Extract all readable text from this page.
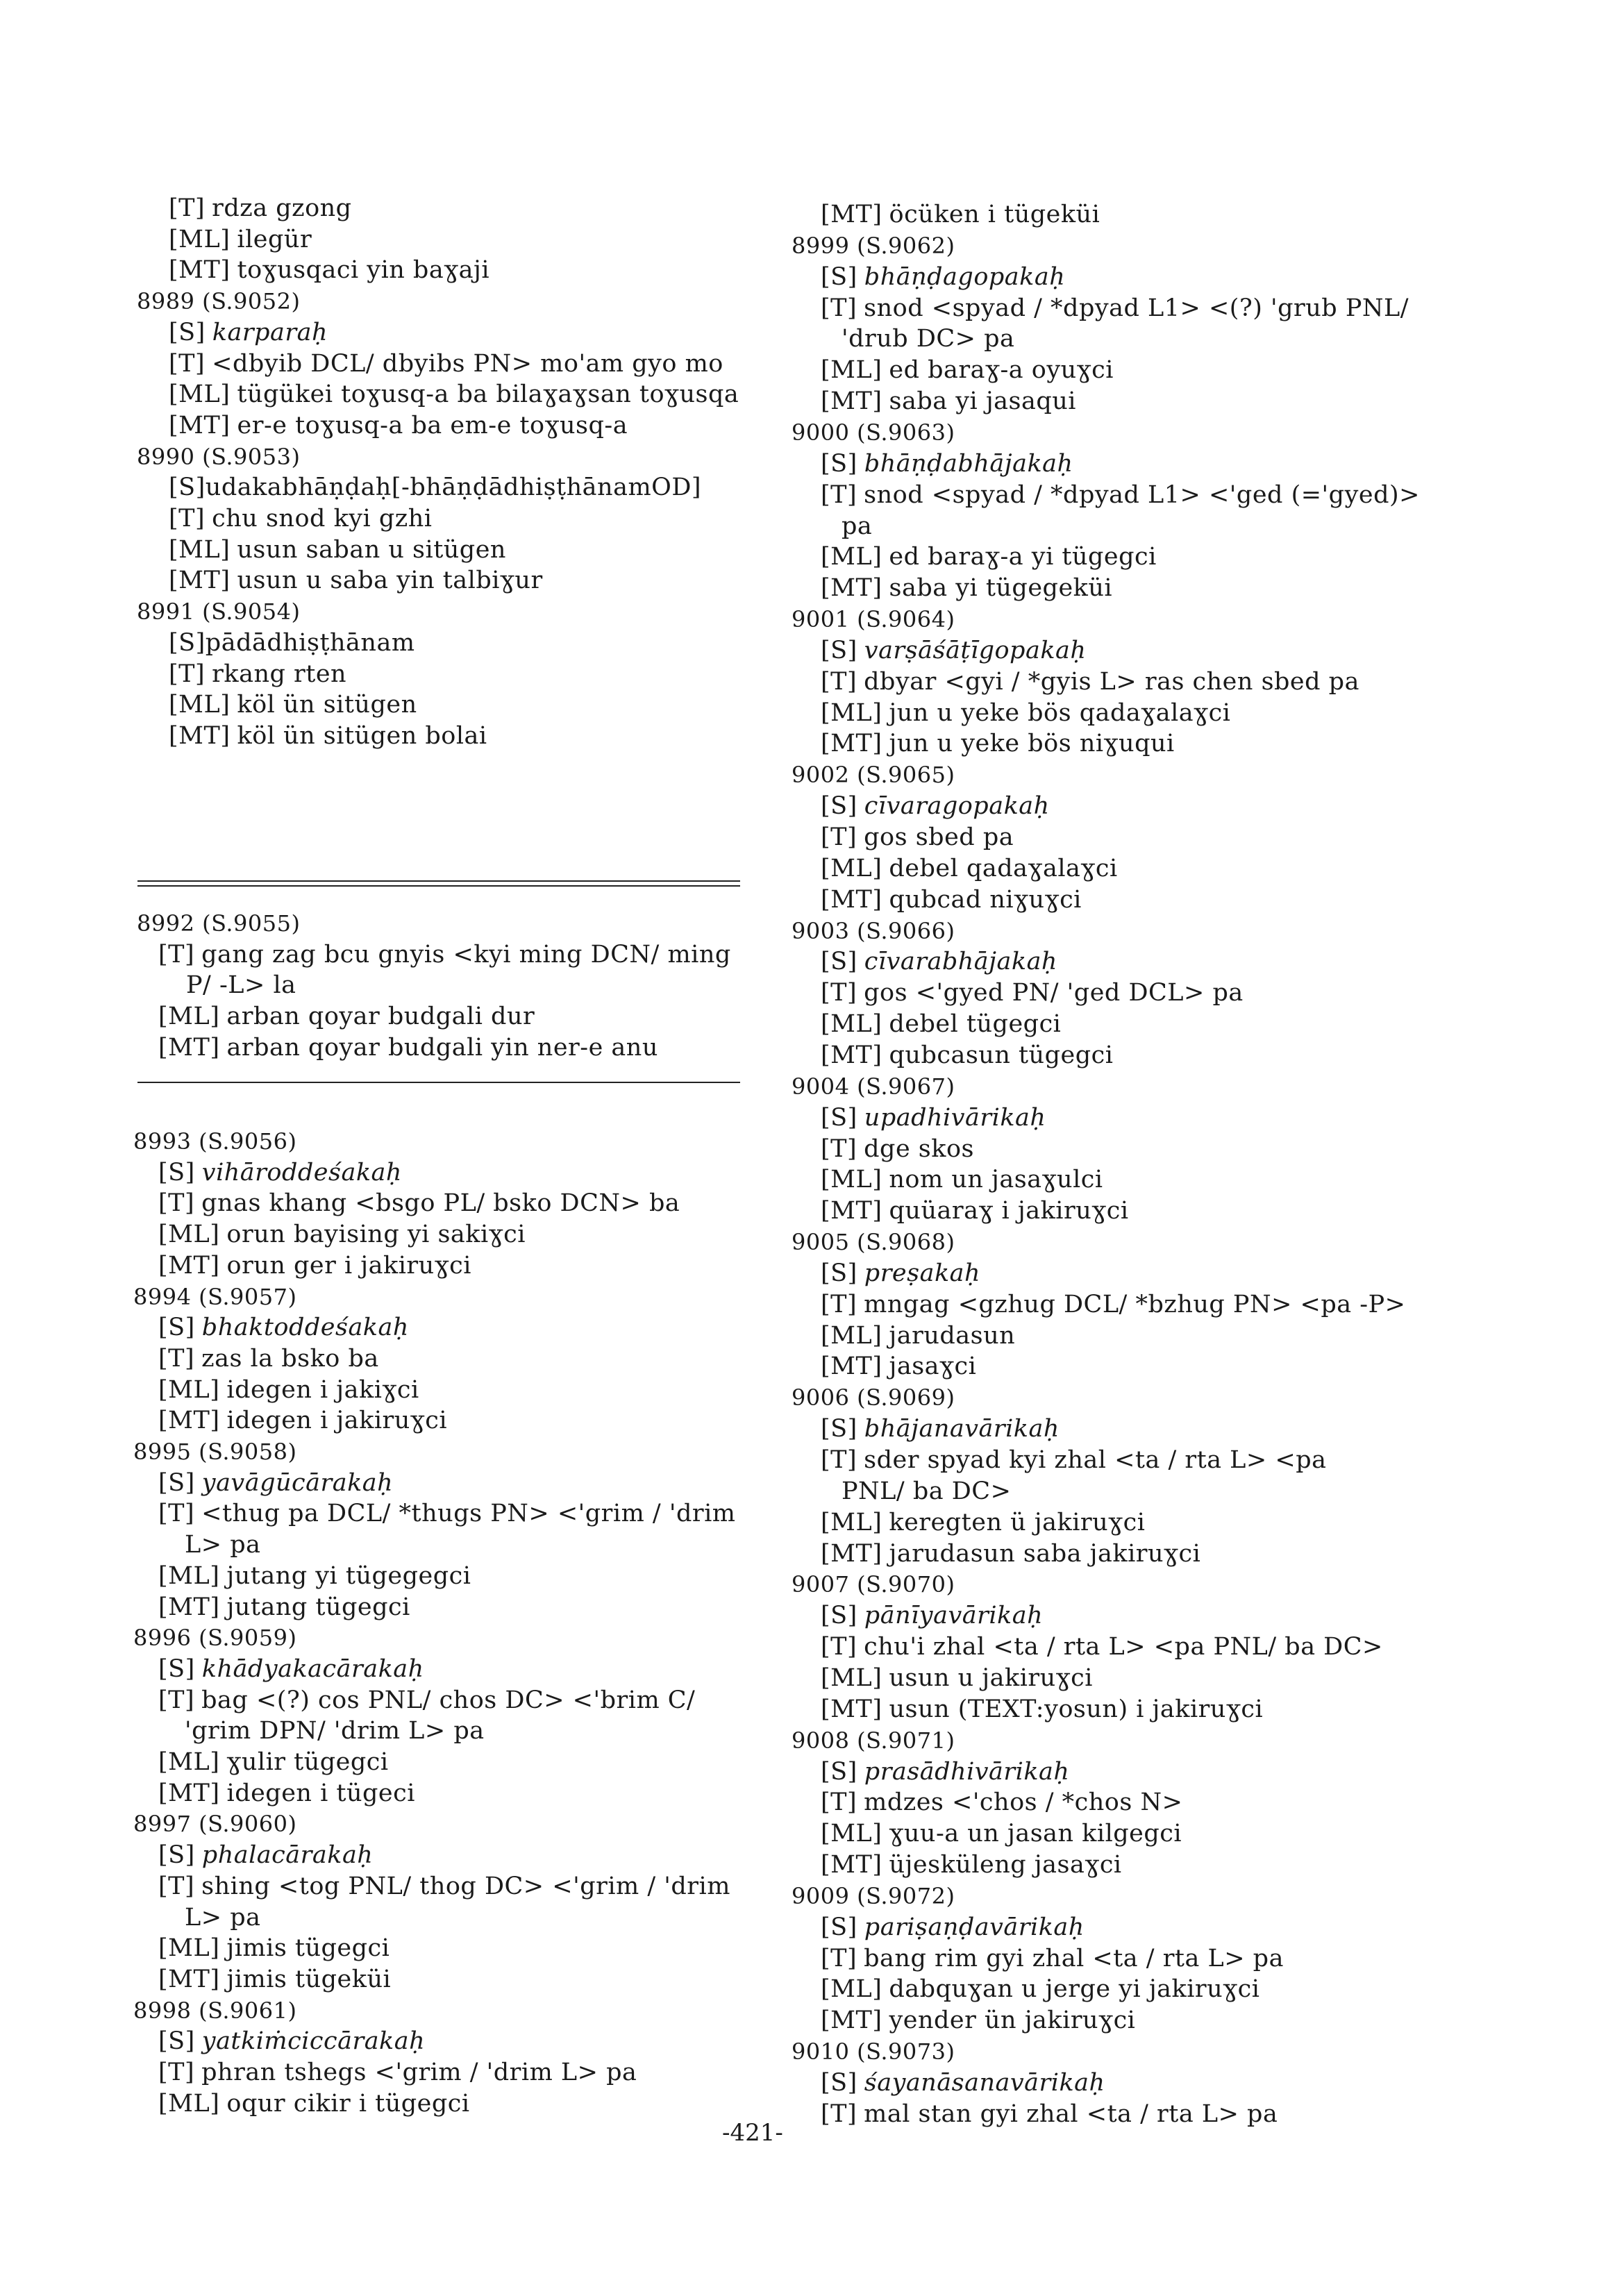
[T] rdza gzong
[ML] ilegür
[MT] toɣusqaci yin baɣaji
8989 (S.9052)
[S] karparaḥ
[T] <dbyib DCL/ dbyibs PN> mo'am gyo mo
[ML] tügükei toɣusq-a ba bilaɣaɣsan toɣusqa
[MT] er-e toɣusq-a ba em-e toɣusq-a
8990 (S.9053)
[S]udakabhāṇḍaḥ[-bhāṇḍādhiṣṭhānamOD]
[T] chu snod kyi gzhi
[ML] usun saban u sitügen
[MT] usun u saba yin talbiɣur
8991 (S.9054)
[S]pādādhiṣṭhānam
[T] rkang rten
[ML] köl ün sitügen
[MT] köl ün sitügen bolai
8992 (S.9055)
[T] gang zag bcu gnyis <kyi ming DCN/ ming
P/ -L> la
[ML] arban qoyar budgali dur
[MT] arban qoyar budgali yin ner-e anu
8993 (S.9056)
[S] vihāroddeśakaḥ
[T] gnas khang <bsgo PL/ bsko DCN> ba
[ML] orun bayising yi sakiɣci
[MT] orun ger i jakiruɣci
8994 (S.9057)
[S] bhaktoddeśakaḥ
[T] zas la bsko ba
[ML] idegen i jakiɣci
[MT] idegen i jakiruɣci
8995 (S.9058)
[S] yavāgūcārakaḥ
[T] <thug pa DCL/ *thugs PN> <'grim / 'drim
L> pa
[ML] jutang yi tügegegci
[MT] jutang tügegci
8996 (S.9059)
[S] khādyakacārakaḥ
[T] bag <(?) cos PNL/ chos DC> <'brim C/
'grim DPN/ 'drim L> pa
[ML] ɣulir tügegci
[MT] idegen i tügeci
8997 (S.9060)
[S] phalacārakaḥ
[T] shing <tog PNL/ thog DC> <'grim / 'drim
L> pa
[ML] jimis tügegci
[MT] jimis tügeküi
8998 (S.9061)
[S] yatkiṁciccārakaḥ
[T] phran tshegs <'grim / 'drim L> pa
[ML] oqur cikir i tügegci
[MT] öcüken i tügeküi
8999 (S.9062)
[S] bhāṇḍagopakaḥ
[T] snod <spyad / *dpyad L1> <(?) 'grub PNL/
'drub DC> pa
[ML] ed baraɣ-a oyuɣci
[MT] saba yi jasaqui
9000 (S.9063)
[S] bhāṇḍabhājakaḥ
[T] snod <spyad / *dpyad L1> <'ged (='gyed)>
pa
[ML] ed baraɣ-a yi tügegci
[MT] saba yi tügegeküi
9001 (S.9064)
[S] varṣāśāṭīgopakaḥ
[T] dbyar <gyi / *gyis L> ras chen sbed pa
[ML] jun u yeke bös qadaɣalaɣci
[MT] jun u yeke bös niɣuqui
9002 (S.9065)
[S] cīvaragopakaḥ
[T] gos sbed pa
[ML] debel qadaɣalaɣci
[MT] qubcad niɣuɣci
9003 (S.9066)
[S] cīvarabhājakaḥ
[T] gos <'gyed PN/ 'ged DCL> pa
[ML] debel tügegci
[MT] qubcasun tügegci
9004 (S.9067)
[S] upadhivārikaḥ
[T] dge skos
[ML] nom un jasaɣulci
[MT] quüaraɣ i jakiruɣci
9005 (S.9068)
[S] preṣakaḥ
[T] mngag <gzhug DCL/ *bzhug PN> <pa -P>
[ML] jarudasun
[MT] jasaɣci
9006 (S.9069)
[S] bhājanavārikaḥ
[T] sder spyad kyi zhal <ta / rta L> <pa
PNL/ ba DC>
[ML] keregten ü jakiruɣci
[MT] jarudasun saba jakiruɣci
9007 (S.9070)
[S] pānīyavārikaḥ
[T] chu'i zhal <ta / rta L> <pa PNL/ ba DC>
[ML] usun u jakiruɣci
[MT] usun (TEXT:yosun) i jakiruɣci
9008 (S.9071)
[S] prasādhivārikaḥ
[T] mdzes <'chos / *chos N>
[ML] ɣuu-a un jasan kilgegci
[MT] üjesküleng jasaɣci
9009 (S.9072)
[S] pariṣaṇḍavārikaḥ
[T] bang rim gyi zhal <ta / rta L> pa
[ML] dabquɣan u jerge yi jakiruɣci
[MT] yender ün jakiruɣci
9010 (S.9073)
[S] śayanāsanavārikaḥ
[T] mal stan gyi zhal <ta / rta L> pa
-421-
